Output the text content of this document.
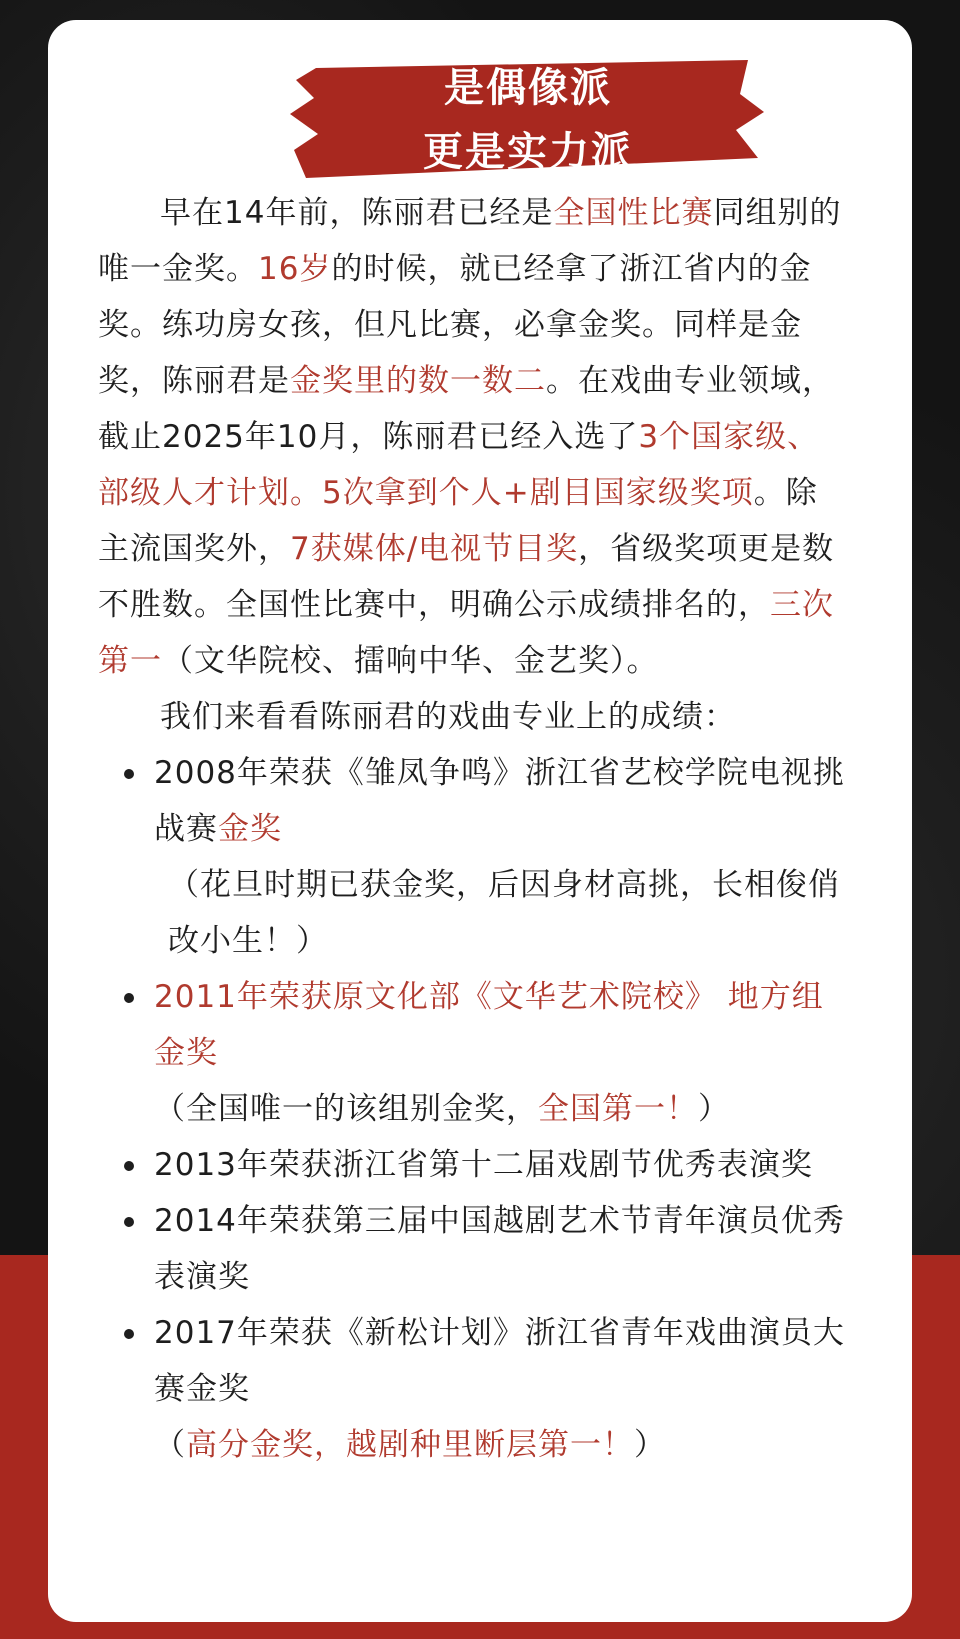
是偶像派
更是实力派

早在14年前，陈丽君已经是全国性比赛同组别的唯一金奖。16岁的时候，就已经拿了浙江省内的金奖。练功房女孩，但凡比赛，必拿金奖。同样是金奖，陈丽君是金奖里的数一数二。在戏曲专业领域，截止2025年10月，陈丽君已经入选了3个国家级、部级人才计划。5次拿到个人+剧目国家级奖项。除主流国奖外，7获媒体/电视节目奖，省级奖项更是数不胜数。全国性比赛中，明确公示成绩排名的，三次第一（文华院校、擂响中华、金艺奖）。

我们来看看陈丽君的戏曲专业上的成绩：

2008年荣获《雏凤争鸣》浙江省艺校学院电视挑战赛金奖

（花旦时期已获金奖，后因身材高挑，长相俊俏改小生！）

2011年荣获原文化部《文华艺术院校》 地方组金奖

（全国唯一的该组别金奖，全国第一！）

2013年荣获浙江省第十二届戏剧节优秀表演奖
2014年荣获第三届中国越剧艺术节青年演员优秀表演奖
2017年荣获《新松计划》浙江省青年戏曲演员大赛金奖

（高分金奖，越剧种里断层第一！）
